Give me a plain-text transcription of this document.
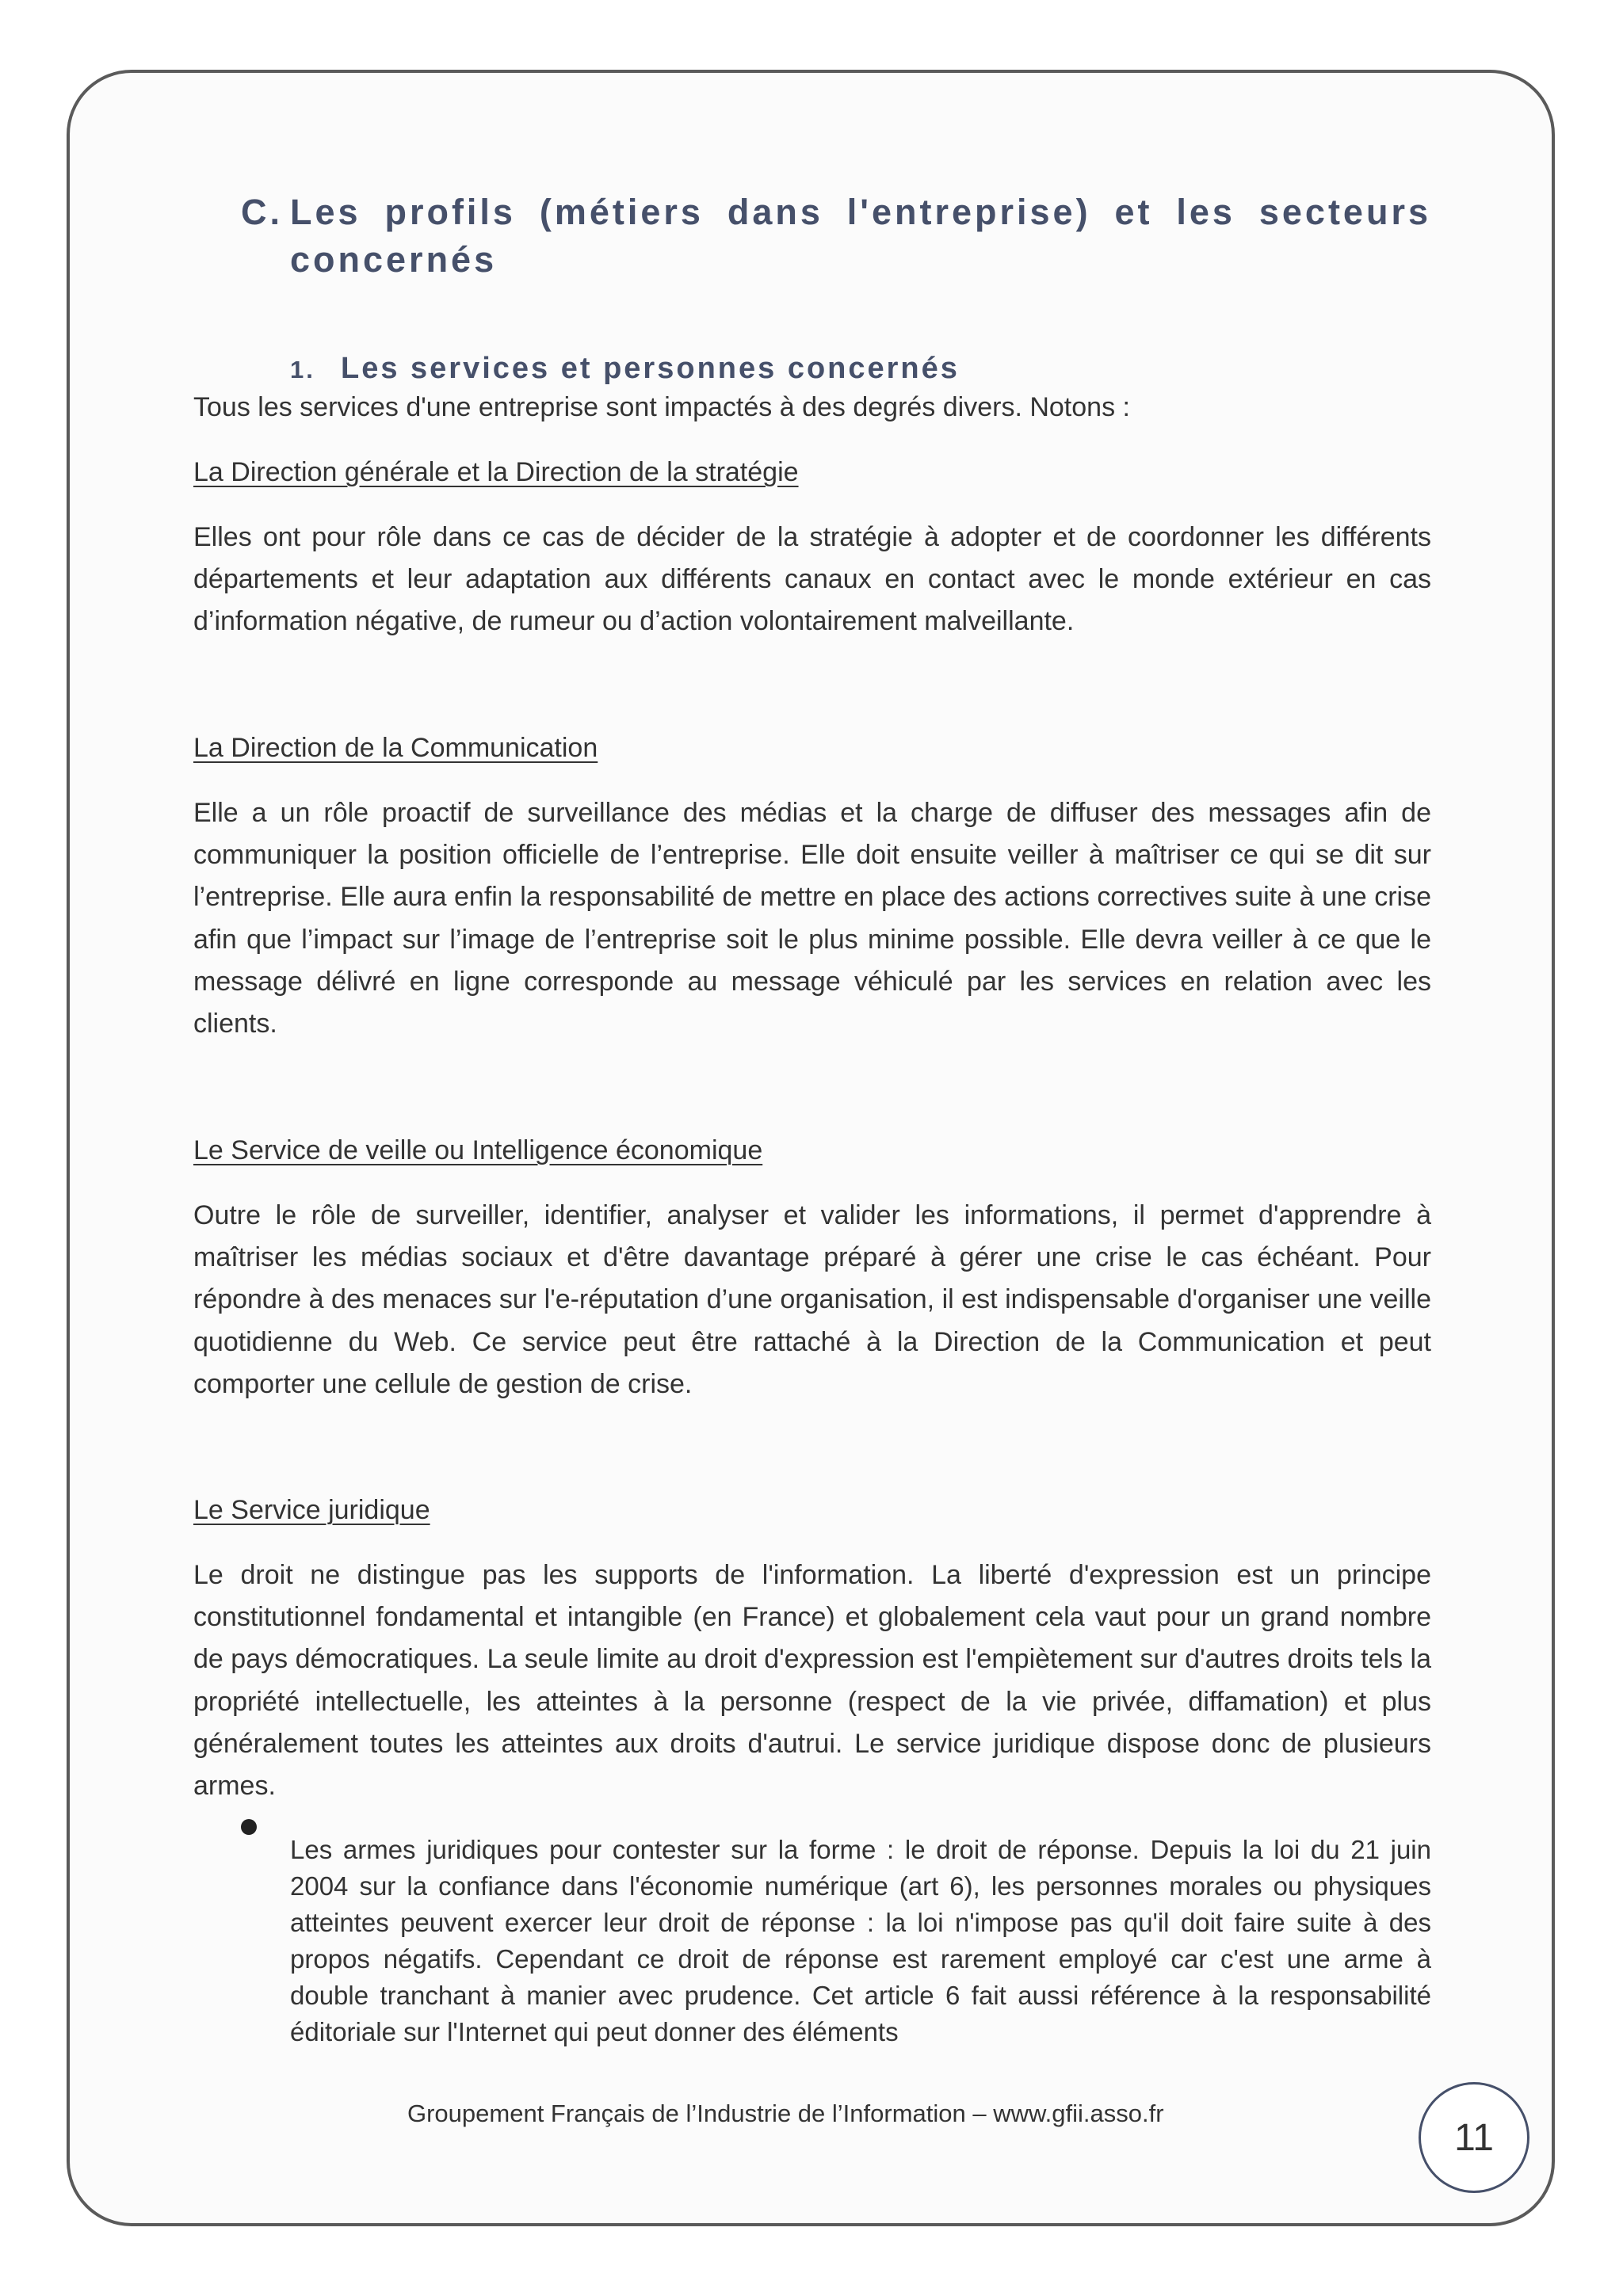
C. Les profils (métiers dans l'entreprise) et les secteurs concernés
1. Les services et personnes concernés

Tous les services d'une entreprise sont impactés à des degrés divers. Notons :

La Direction générale et la Direction de la stratégie

Elles ont pour rôle dans ce cas de décider de la stratégie à adopter et de coordonner les différents départements et leur adaptation aux différents canaux en contact avec le monde extérieur en cas d’information négative, de rumeur ou d’action volontairement malveillante.

La Direction de la Communication

Elle a un rôle proactif de surveillance des médias et la charge de diffuser des messages afin de communiquer la position officielle de l’entreprise. Elle doit ensuite veiller à maîtriser ce qui se dit sur l’entreprise. Elle aura enfin la responsabilité de mettre en place des actions correctives suite à une crise afin que l’impact sur l’image de l’entreprise soit le plus minime possible. Elle devra veiller à ce que le message délivré en ligne corresponde au message véhiculé par les services en relation avec les clients.

Le Service de veille ou Intelligence économique

Outre le rôle de surveiller, identifier, analyser et valider les informations, il permet d'apprendre à maîtriser les médias sociaux et d'être davantage préparé à gérer une crise le cas échéant. Pour répondre à des menaces sur l'e-réputation d’une organisation, il est indispensable d'organiser une veille quotidienne du Web. Ce service peut être rattaché à la Direction de la Communication et peut comporter une cellule de gestion de crise.

Le Service juridique

Le droit ne distingue pas les supports de l'information. La liberté d'expression est un principe constitutionnel fondamental et intangible (en France) et globalement cela vaut pour un grand nombre de pays démocratiques. La seule limite au droit d'expression est l'empiètement sur d'autres droits tels la propriété intellectuelle, les atteintes à la personne (respect de la vie privée, diffamation) et plus généralement toutes les atteintes aux droits d'autrui. Le service juridique dispose donc de plusieurs armes.

Les armes juridiques pour contester sur la forme : le droit de réponse. Depuis la loi du 21 juin 2004 sur la confiance dans l'économie numérique (art 6), les personnes morales ou physiques atteintes peuvent exercer leur droit de réponse : la loi n'impose pas qu'il doit faire suite à des propos négatifs. Cependant ce droit de réponse est rarement employé car c'est une arme à double tranchant à manier avec prudence. Cet article 6 fait aussi référence à la responsabilité éditoriale sur l'Internet qui peut donner des éléments

Groupement Français de l’Industrie de l’Information – www.gfii.asso.fr
11
